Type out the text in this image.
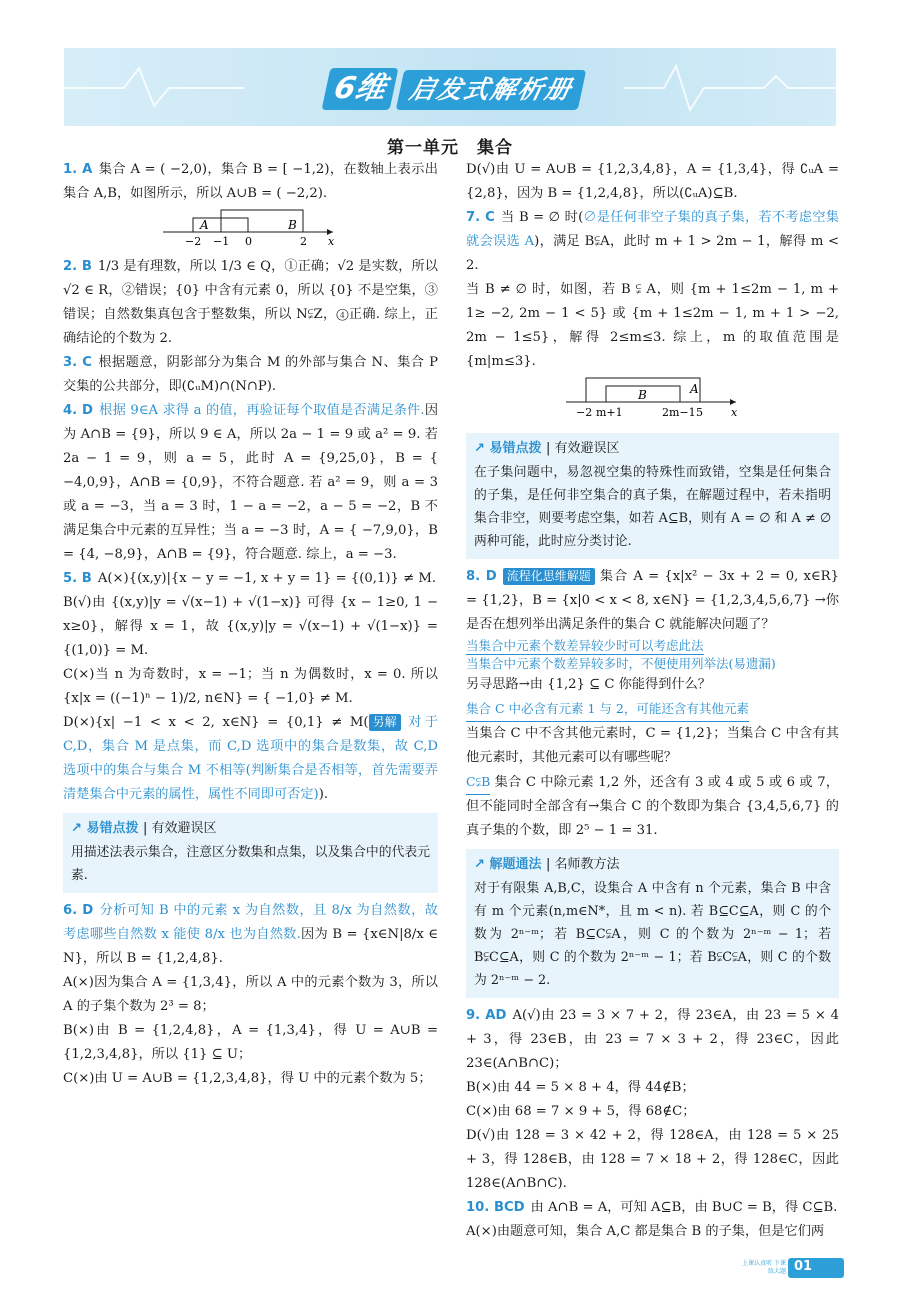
6维 启发式解析册
第一单元　集合

1. A 集合 A = ( −2,0)，集合 B = [ −1,2)，在数轴上表示出集合 A,B，如图所示，所以 A∪B = ( −2,2).

A	B
−2 −1 0	2 x

2. B 1/3 是有理数，所以 1/3 ∈ Q，①正确；√2 是实数，所以 √2 ∈ R，②错误；{0} 中含有元素 0，所以 {0} 不是空集，③错误；自然数集真包含于整数集，所以 N⫋Z，④正确. 综上，正确结论的个数为 2.

3. C 根据题意，阴影部分为集合 M 的外部与集合 N、集合 P 交集的公共部分，即(∁ᵤM)∩(N∩P).

4. D 根据 9∈A 求得 a 的值，再验证每个取值是否满足条件.因为 A∩B = {9}，所以 9 ∈ A，所以 2a − 1 = 9 或 a² = 9. 若 2a − 1 = 9，则 a = 5，此时 A = {9,25,0}，B = { −4,0,9}，A∩B = {0,9}，不符合题意. 若 a² = 9，则 a = 3 或 a = −3，当 a = 3 时，1 − a = −2，a − 5 = −2，B 不满足集合中元素的互异性；当 a = −3 时，A = { −7,9,0}，B = {4, −8,9}，A∩B = {9}，符合题意. 综上，a = −3.

5. B A(×){(x,y)|{x − y = −1, x + y = 1} = {(0,1)} ≠ M.

B(√)由 {(x,y)|y = √(x−1) + √(1−x)} 可得 {x − 1≥0, 1 − x≥0}，解得 x = 1，故 {(x,y)|y = √(x−1) + √(1−x)} = {(1,0)} = M.

C(×)当 n 为奇数时，x = −1；当 n 为偶数时，x = 0. 所以 {x|x = ((−1)ⁿ − 1)/2, n∈N} = { −1,0} ≠ M.

D(×){x| −1 < x < 2, x∈N} = {0,1} ≠ M( 另解 对于 C,D，集合 M 是点集，而 C,D 选项中的集合是数集，故 C,D 选项中的集合与集合 M 不相等(判断集合是否相等，首先需要弄清楚集合中元素的属性，属性不同即可否定)).

↗ 易错点拨 | 有效避误区
用描述法表示集合，注意区分数集和点集，以及集合中的代表元素.

6. D 分析可知 B 中的元素 x 为自然数，且 8/x 为自然数，故考虑哪些自然数 x 能使 8/x 也为自然数.因为 B = {x∈N|8/x ∈ N}，所以 B = {1,2,4,8}.

A(×)因为集合 A = {1,3,4}，所以 A 中的元素个数为 3，所以 A 的子集个数为 2³ = 8；

B(×)由 B = {1,2,4,8}，A = {1,3,4}，得 U = A∪B = {1,2,3,4,8}，所以 {1} ⊆ U；

C(×)由 U = A∪B = {1,2,3,4,8}，得 U 中的元素个数为 5；

D(√)由 U = A∪B = {1,2,3,4,8}，A = {1,3,4}，得 ∁ᵤA = {2,8}，因为 B = {1,2,4,8}，所以(∁ᵤA)⊆B.

7. C 当 B = ∅ 时(∅是任何非空子集的真子集，若不考虑空集就会误选 A)，满足 B⫋A，此时 m + 1 > 2m − 1，解得 m < 2.

当 B ≠ ∅ 时，如图，若 B ⫋ A，则 {m + 1≤2m − 1, m + 1≥ −2, 2m − 1 < 5} 或 {m + 1≤2m − 1, m + 1 > −2, 2m − 1≤5}，解得 2≤m≤3. 综上，m 的取值范围是 {m|m≤3}.

B	A
−2 m+1	2m−1 5	x
↗ 易错点拨 | 有效避误区
在子集问题中，易忽视空集的特殊性而致错，空集是任何集合的子集，是任何非空集合的真子集，在解题过程中，若未指明集合非空，则要考虑空集，如若 A⊆B，则有 A = ∅ 和 A ≠ ∅ 两种可能，此时应分类讨论.

8. D 流程化思维解题 集合 A = {x|x² − 3x + 2 = 0, x∈R} = {1,2}，B = {x|0 < x < 8, x∈N} = {1,2,3,4,5,6,7} →你是否在想列举出满足条件的集合 C 就能解决问题了？

当集合中元素个数差异较少时可以考虑此法
当集合中元素个数差异较多时，不便使用列举法(易遗漏)

另寻思路→由 {1,2} ⊆ C 你能得到什么？

集合 C 中必含有元素 1 与 2，可能还含有其他元素

当集合 C 中不含其他元素时，C = {1,2}；当集合 C 中含有其他元素时，其他元素可以有哪些呢？

C⫋B 集合 C 中除元素 1,2 外，还含有 3 或 4 或 5 或 6 或 7，但不能同时全部含有→集合 C 的个数即为集合 {3,4,5,6,7} 的真子集的个数，即 2⁵ − 1 = 31.

↗ 解题通法 | 名师教方法
对于有限集 A,B,C，设集合 A 中含有 n 个元素，集合 B 中含有 m 个元素(n,m∈N*，且 m < n). 若 B⊆C⊆A，则 C 的个数为 2ⁿ⁻ᵐ；若 B⊆C⫋A，则 C 的个数为 2ⁿ⁻ᵐ − 1；若 B⫋C⊆A，则 C 的个数为 2ⁿ⁻ᵐ − 1；若 B⫋C⫋A，则 C 的个数为 2ⁿ⁻ᵐ − 2.

9. AD A(√)由 23 = 3 × 7 + 2，得 23∈A，由 23 = 5 × 4 + 3，得 23∈B，由 23 = 7 × 3 + 2，得 23∈C，因此 23∈(A∩B∩C)；

B(×)由 44 = 5 × 8 + 4，得 44∉B；

C(×)由 68 = 7 × 9 + 5，得 68∉C；

D(√)由 128 = 3 × 42 + 2，得 128∈A，由 128 = 5 × 25 + 3，得 128∈B，由 128 = 7 × 18 + 2，得 128∈C，因此 128∈(A∩B∩C).

10. BCD 由 A∩B = A，可知 A⊆B，由 B∪C = B，得 C⊆B.

A(×)由题意可知，集合 A,C 都是集合 B 的子集，但是它们两

上课认真听 下课练大题 01
